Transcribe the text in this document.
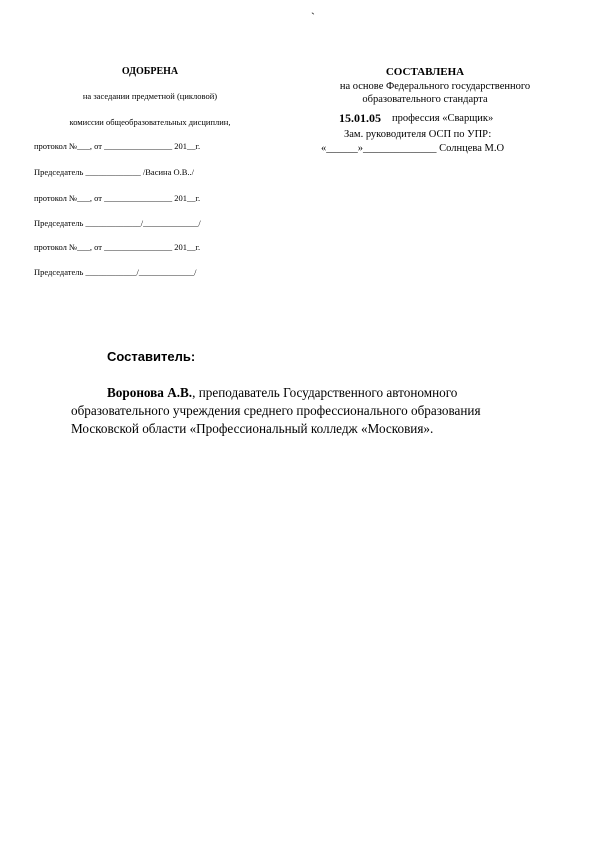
`
ОДОБРЕНА
на заседании предметной (цикловой)
комиссии общеобразовательных дисциплин,
протокол №___, от ________________ 201__г.
Председатель _____________ /Васина О.В../
протокол №___, от ________________ 201__г.
Председатель _____________/_____________/
протокол №___, от ________________ 201__г.
Председатель ____________/_____________/
СОСТАВЛЕНА
на основе Федерального государственного
образовательного стандарта
15.01.05 профессия «Сварщик»
Зам. руководителя ОСП по УПР:
«______»______________ Солнцева М.О
Составитель:
Воронова А.В., преподаватель Государственного автономного
образовательного учреждения среднего профессионального образования
Московской области «Профессиональный колледж «Московия».
